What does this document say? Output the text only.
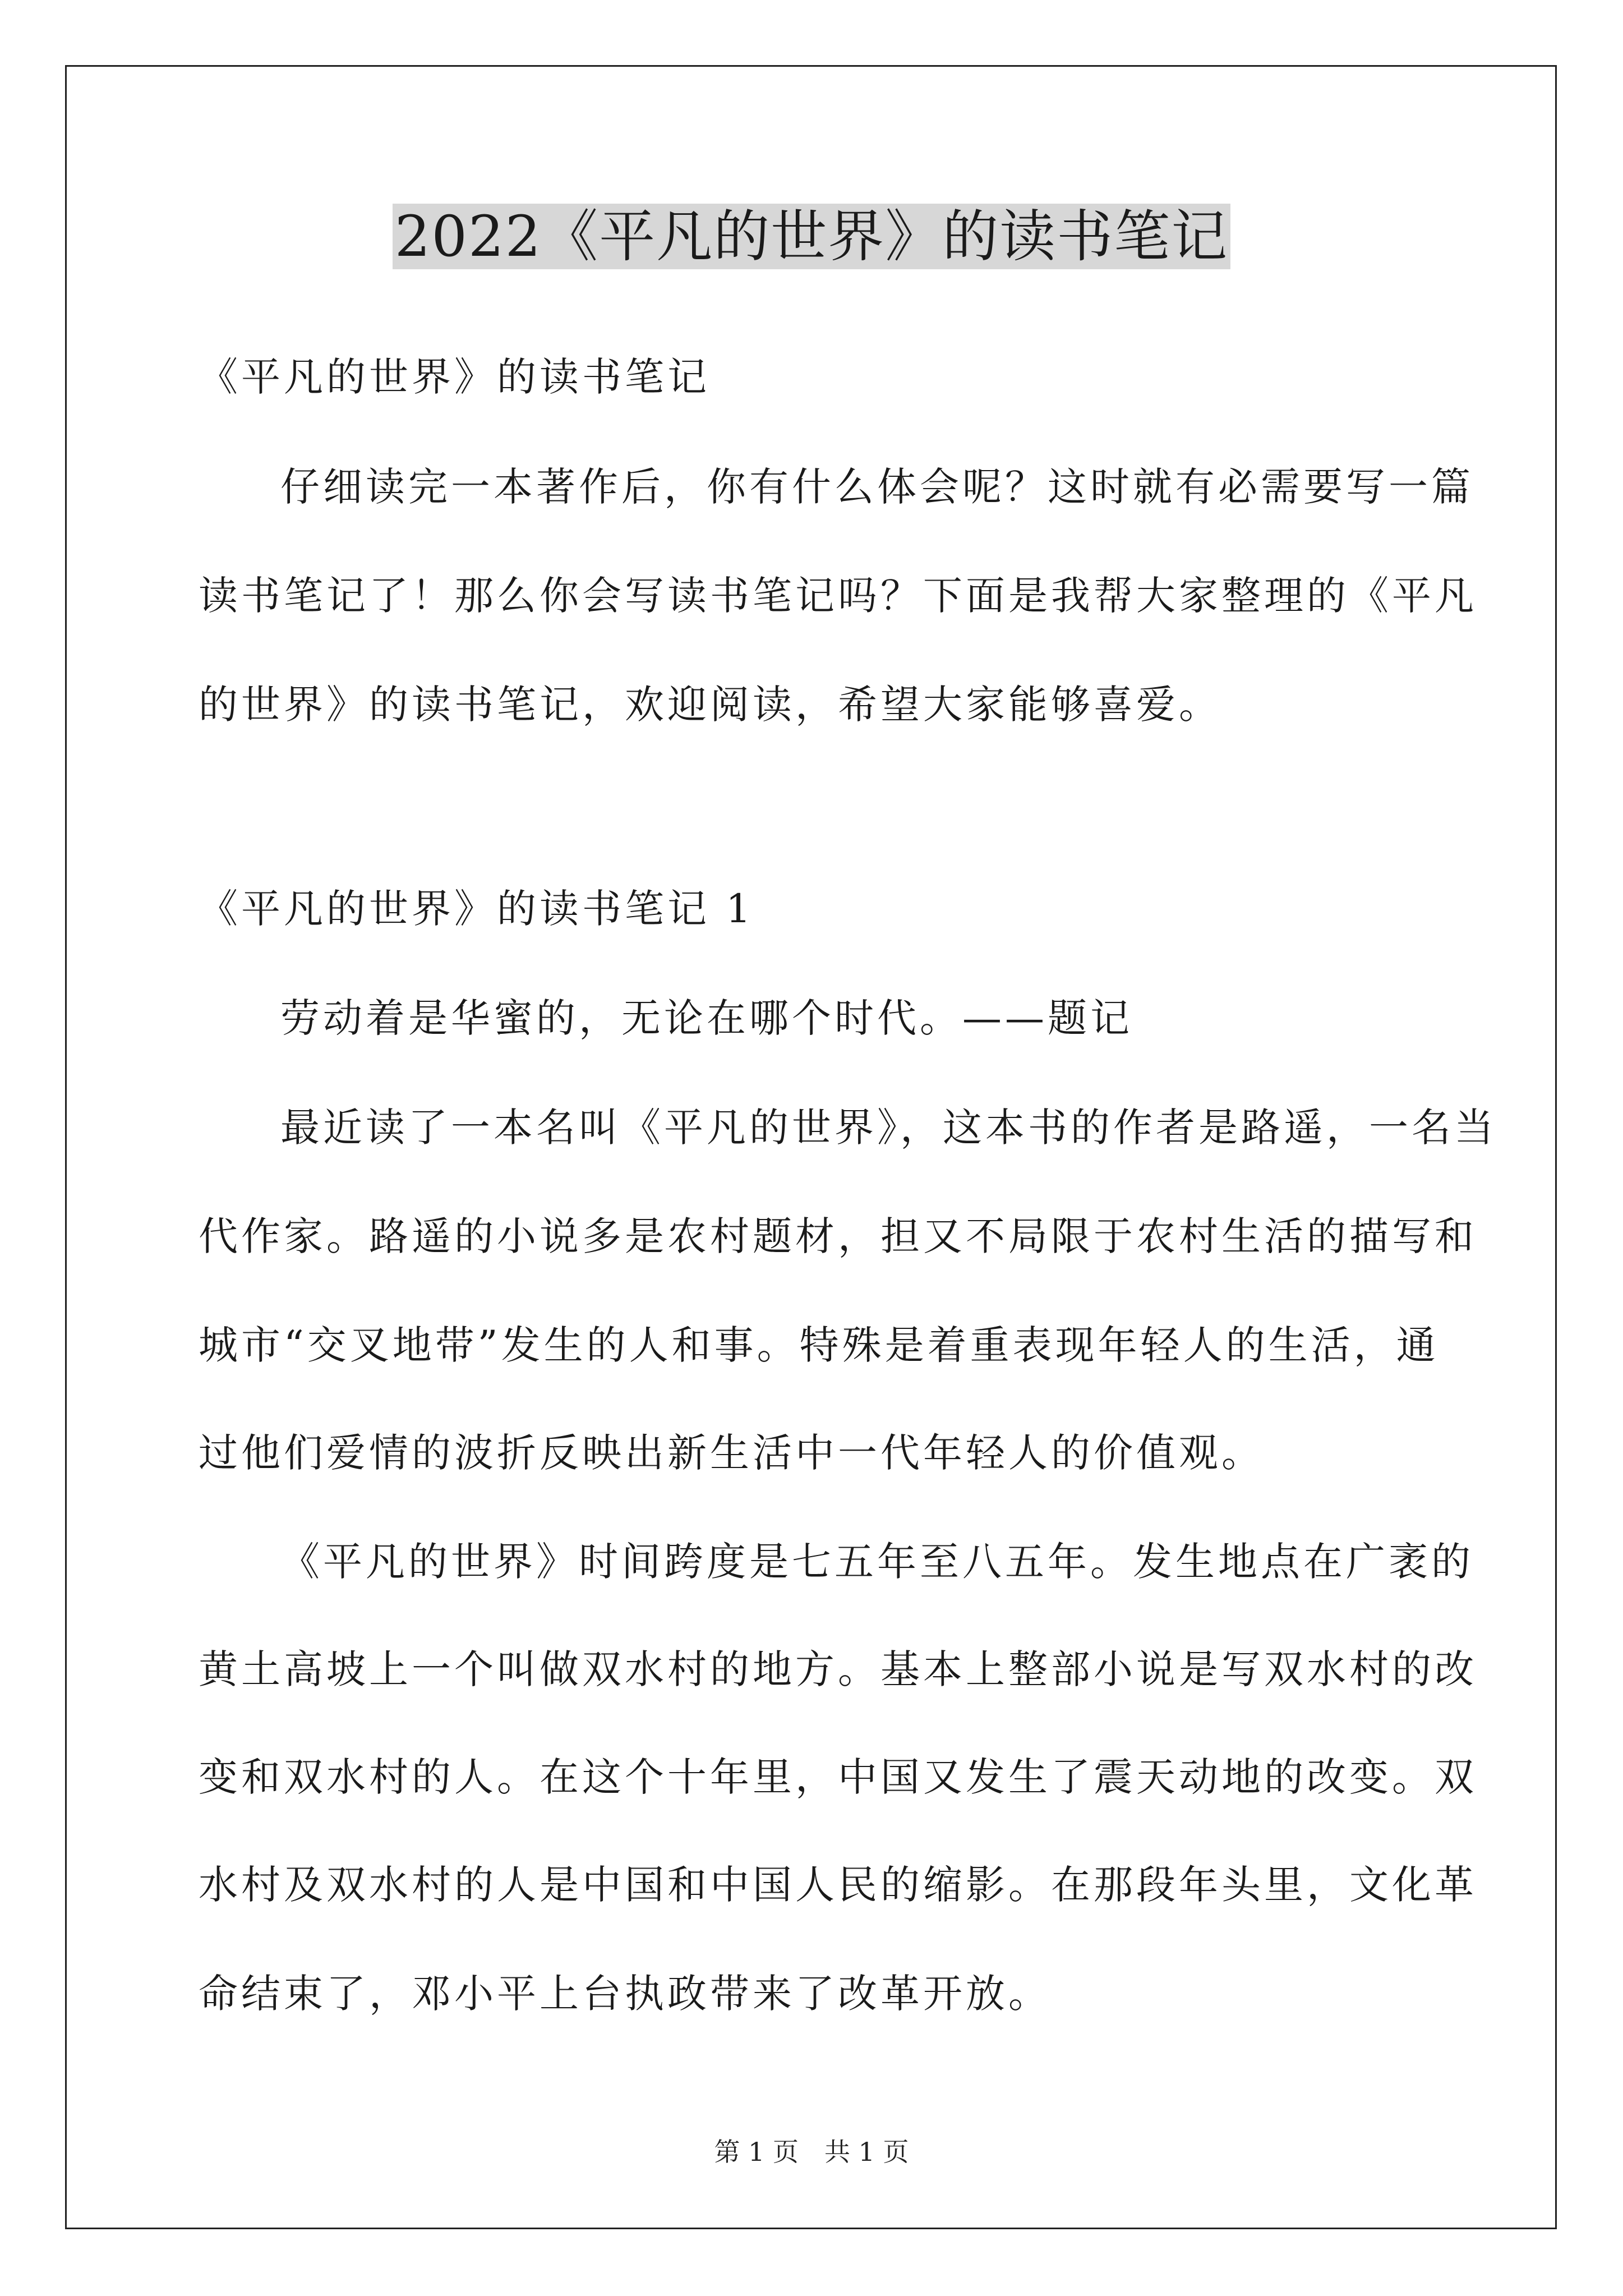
2022《平凡的世界》的读书笔记
《平凡的世界》的读书笔记
仔细读完一本著作后，你有什么体会呢？这时就有必需要写一篇
读书笔记了！那么你会写读书笔记吗？下面是我帮大家整理的《平凡
的世界》的读书笔记，欢迎阅读，希望大家能够喜爱。
《平凡的世界》的读书笔记 1
劳动着是华蜜的，无论在哪个时代。——题记
最近读了一本名叫《平凡的世界》，这本书的作者是路遥，一名当
代作家。路遥的小说多是农村题材，担又不局限于农村生活的描写和
城市“交叉地带”发生的人和事。特殊是着重表现年轻人的生活，通
过他们爱情的波折反映出新生活中一代年轻人的价值观。
《平凡的世界》时间跨度是七五年至八五年。发生地点在广袤的
黄土高坡上一个叫做双水村的地方。基本上整部小说是写双水村的改
变和双水村的人。在这个十年里，中国又发生了震天动地的改变。双
水村及双水村的人是中国和中国人民的缩影。在那段年头里，文化革
命结束了，邓小平上台执政带来了改革开放。
第 1 页　共 1 页
